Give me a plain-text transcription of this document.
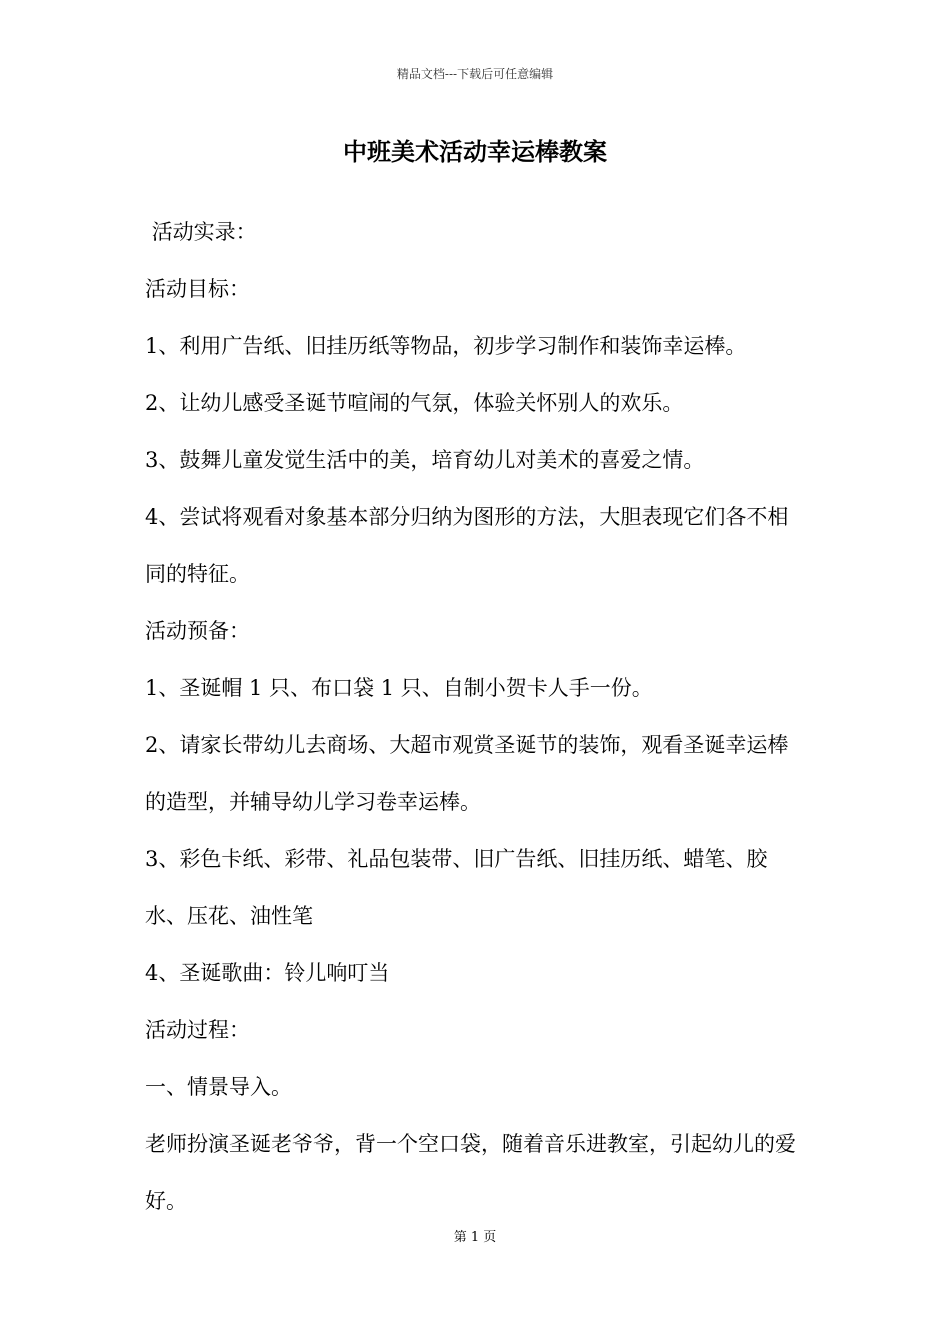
精品文档---下载后可任意编辑
中班美术活动幸运棒教案

活动实录：

活动目标：

1、利用广告纸、旧挂历纸等物品，初步学习制作和装饰幸运棒。

2、让幼儿感受圣诞节喧闹的气氛，体验关怀别人的欢乐。

3、鼓舞儿童发觉生活中的美，培育幼儿对美术的喜爱之情。

4、尝试将观看对象基本部分归纳为图形的方法，大胆表现它们各不相同的特征。

活动预备：

1、圣诞帽 1 只、布口袋 1 只、自制小贺卡人手一份。

2、请家长带幼儿去商场、大超市观赏圣诞节的装饰，观看圣诞幸运棒的造型，并辅导幼儿学习卷幸运棒。

3、彩色卡纸、彩带、礼品包装带、旧广告纸、旧挂历纸、蜡笔、胶水、压花、油性笔

4、圣诞歌曲：铃儿响叮当

活动过程：

一、情景导入。

老师扮演圣诞老爷爷，背一个空口袋，随着音乐进教室，引起幼儿的爱好。

第 1 页
